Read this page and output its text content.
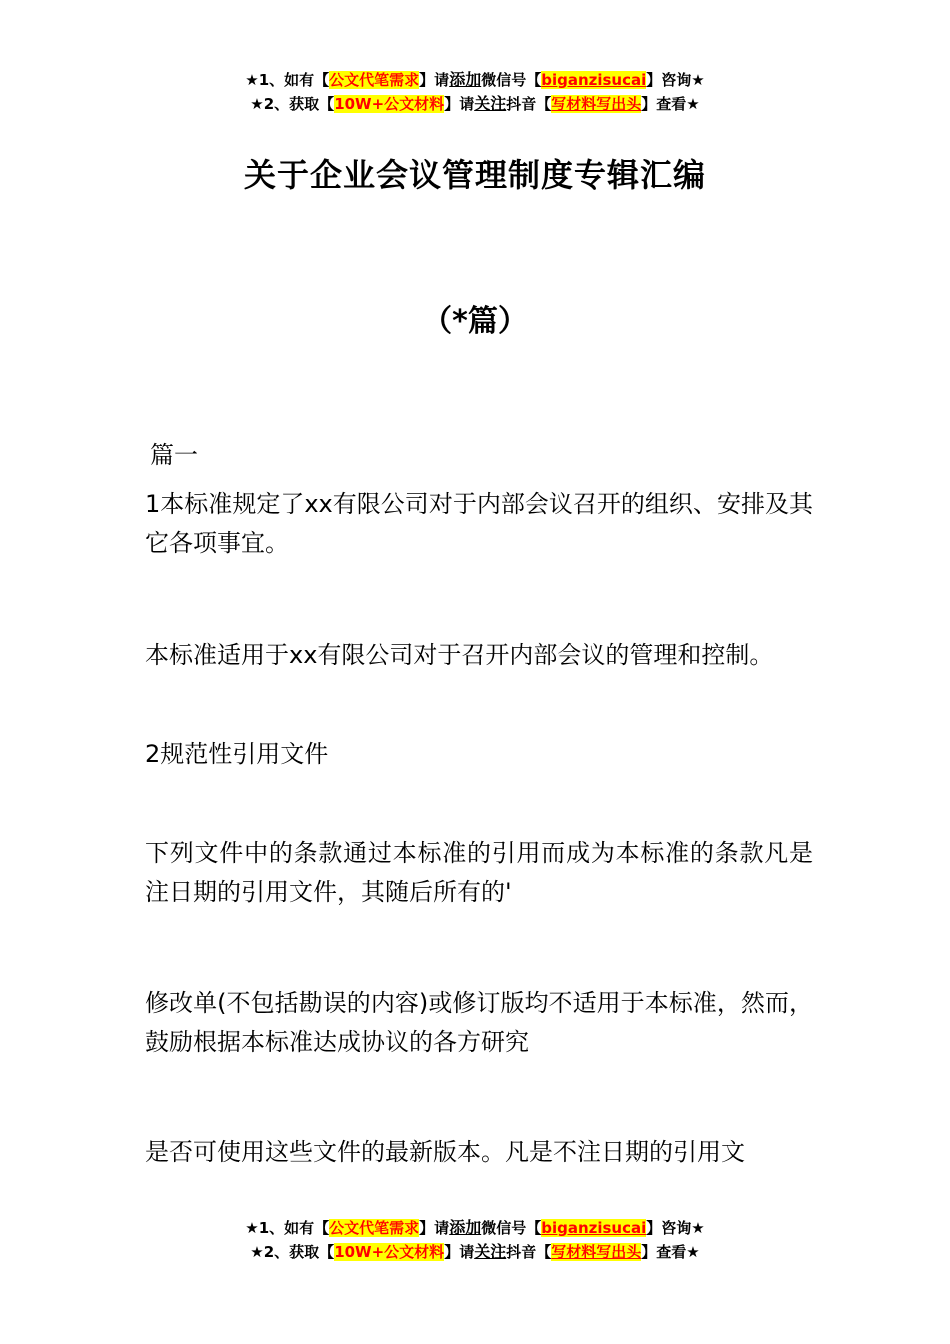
★1、如有【公文代笔需求】请添加微信号【biganzisucai】咨询★
★2、获取【10W+公文材料】请关注抖音【写材料写出头】查看★
关于企业会议管理制度专辑汇编
（*篇）
篇一

1本标准规定了xx有限公司对于内部会议召开的组织、安排及其它各项事宜。

本标准适用于xx有限公司对于召开内部会议的管理和控制。

2规范性引用文件

下列文件中的条款通过本标准的引用而成为本标准的条款凡是注日期的引用文件，其随后所有的'

修改单(不包括勘误的内容)或修订版均不适用于本标准，然而，鼓励根据本标准达成协议的各方研究

是否可使用这些文件的最新版本。凡是不注日期的引用文

★1、如有【公文代笔需求】请添加微信号【biganzisucai】咨询★
★2、获取【10W+公文材料】请关注抖音【写材料写出头】查看★
